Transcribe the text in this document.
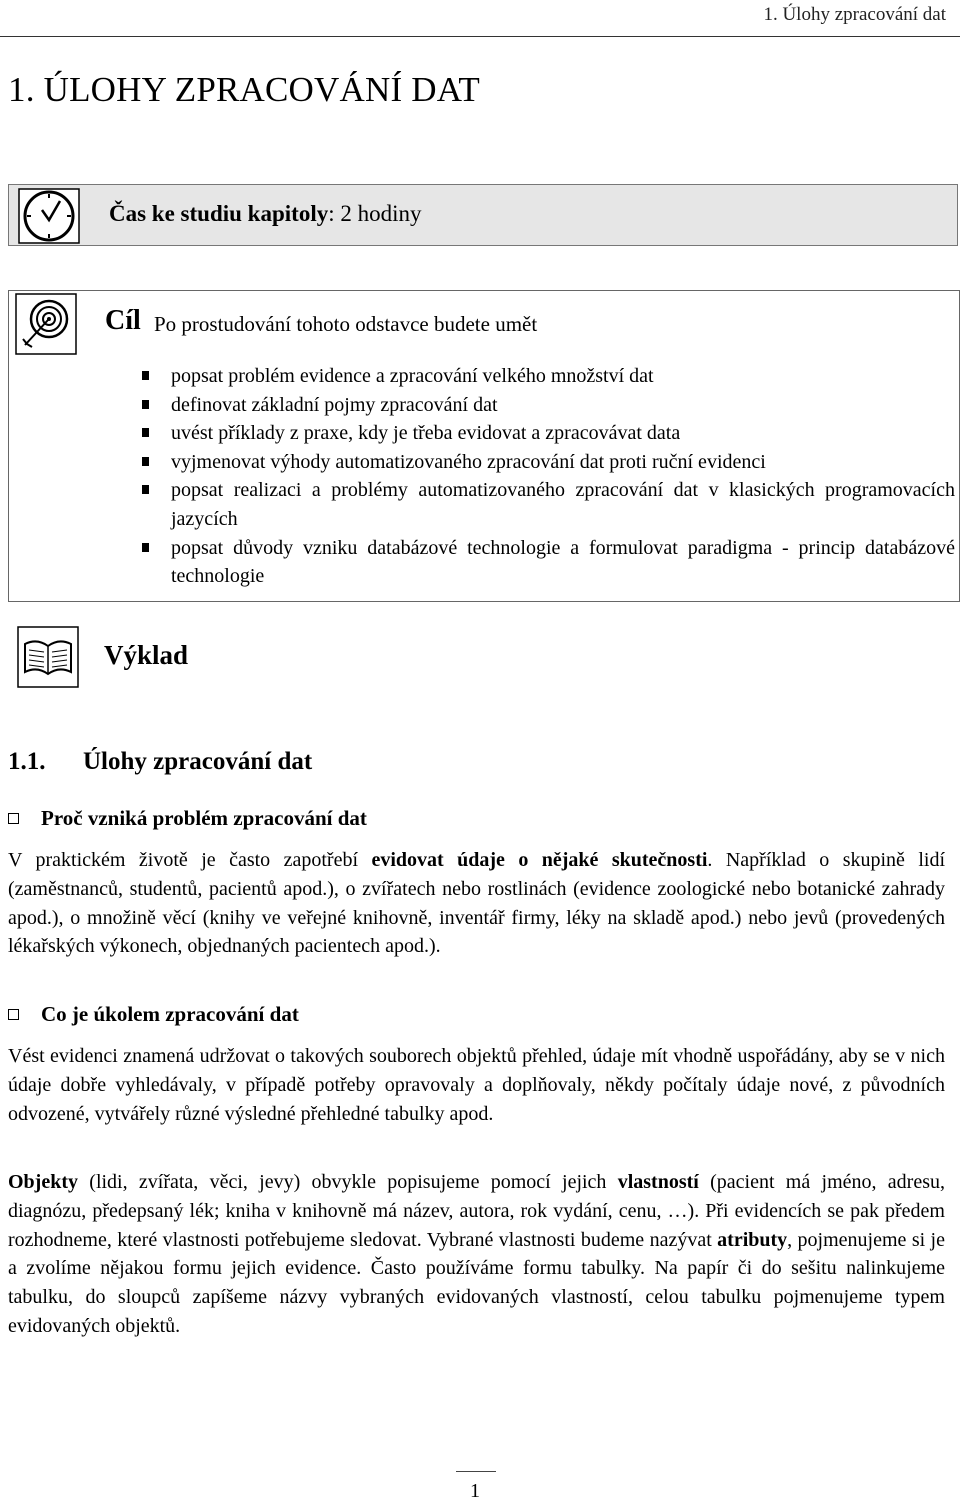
1. Úlohy zpracování dat
1. ÚLOHY ZPRACOVÁNÍ DAT
Čas ke studiu kapitoly: 2 hodiny
Cíl Po prostudování tohoto odstavce budete umět
popsat problém evidence a zpracování velkého množství dat
definovat základní pojmy zpracování dat
uvést příklady z praxe, kdy je třeba evidovat a zpracovávat data
vyjmenovat výhody automatizovaného zpracování dat proti ruční evidenci
popsat realizaci a problémy automatizovaného zpracování dat v klasických programovacích jazycích
popsat důvody vzniku databázové technologie a formulovat paradigma - princip databázové technologie
Výklad
1.1. Úlohy zpracování dat
Proč vzniká problém zpracování dat

V praktickém životě je často zapotřebí evidovat údaje o nějaké skutečnosti. Například o skupině lidí (zaměstnanců, studentů, pacientů apod.), o zvířatech nebo rostlinách (evidence zoologické nebo botanické zahrady apod.), o množině věcí (knihy ve veřejné knihovně, inventář firmy, léky na skladě apod.) nebo jevů (provedených lékařských výkonech, objednaných pacientech apod.).

Co je úkolem zpracování dat

Vést evidenci znamená udržovat o takových souborech objektů přehled, údaje mít vhodně uspořádány, aby se v nich údaje dobře vyhledávaly, v případě potřeby opravovaly a doplňovaly, někdy počítaly údaje nové, z původních odvozené, vytvářely různé výsledné přehledné tabulky apod.

Objekty (lidi, zvířata, věci, jevy) obvykle popisujeme pomocí jejich vlastností (pacient má jméno, adresu, diagnózu, předepsaný lék; kniha v knihovně má název, autora, rok vydání, cenu, …). Při evidencích se pak předem rozhodneme, které vlastnosti potřebujeme sledovat. Vybrané vlastnosti budeme nazývat atributy, pojmenujeme si je a zvolíme nějakou formu jejich evidence. Často používáme formu tabulky. Na papír či do sešitu nalinkujeme tabulku, do sloupců zapíšeme názvy vybraných evidovaných vlastností, celou tabulku pojmenujeme typem evidovaných objektů.

1
